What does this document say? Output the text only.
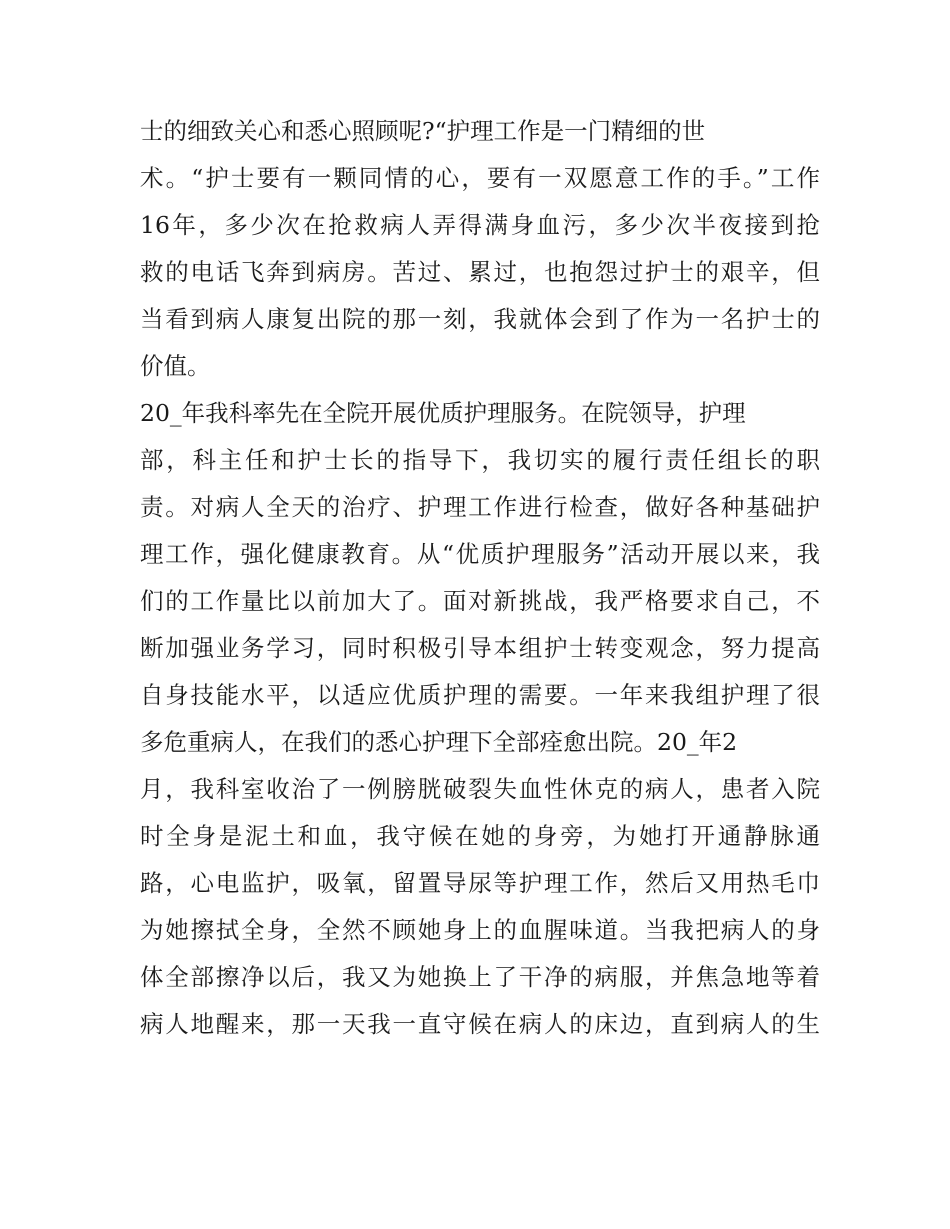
士的细致关心和悉心照顾呢?“护理工作是一门精细的世
术。“护士要有一颗同情的心，要有一双愿意工作的手。”工作
16年，多少次在抢救病人弄得满身血污，多少次半夜接到抢
救的电话飞奔到病房。苦过、累过，也抱怨过护士的艰辛，但
当看到病人康复出院的那一刻，我就体会到了作为一名护士的
价值。
20_年我科率先在全院开展优质护理服务。在院领导，护理
部，科主任和护士长的指导下，我切实的履行责任组长的职
责。对病人全天的治疗、护理工作进行检查，做好各种基础护
理工作，强化健康教育。从“优质护理服务”活动开展以来，我
们的工作量比以前加大了。面对新挑战，我严格要求自己，不
断加强业务学习，同时积极引导本组护士转变观念，努力提高
自身技能水平，以适应优质护理的需要。一年来我组护理了很
多危重病人，在我们的悉心护理下全部痊愈出院。20_年2
月，我科室收治了一例膀胱破裂失血性休克的病人，患者入院
时全身是泥土和血，我守候在她的身旁，为她打开通静脉通
路，心电监护，吸氧，留置导尿等护理工作，然后又用热毛巾
为她擦拭全身，全然不顾她身上的血腥味道。当我把病人的身
体全部擦净以后，我又为她换上了干净的病服，并焦急地等着
病人地醒来，那一天我一直守候在病人的床边，直到病人的生
